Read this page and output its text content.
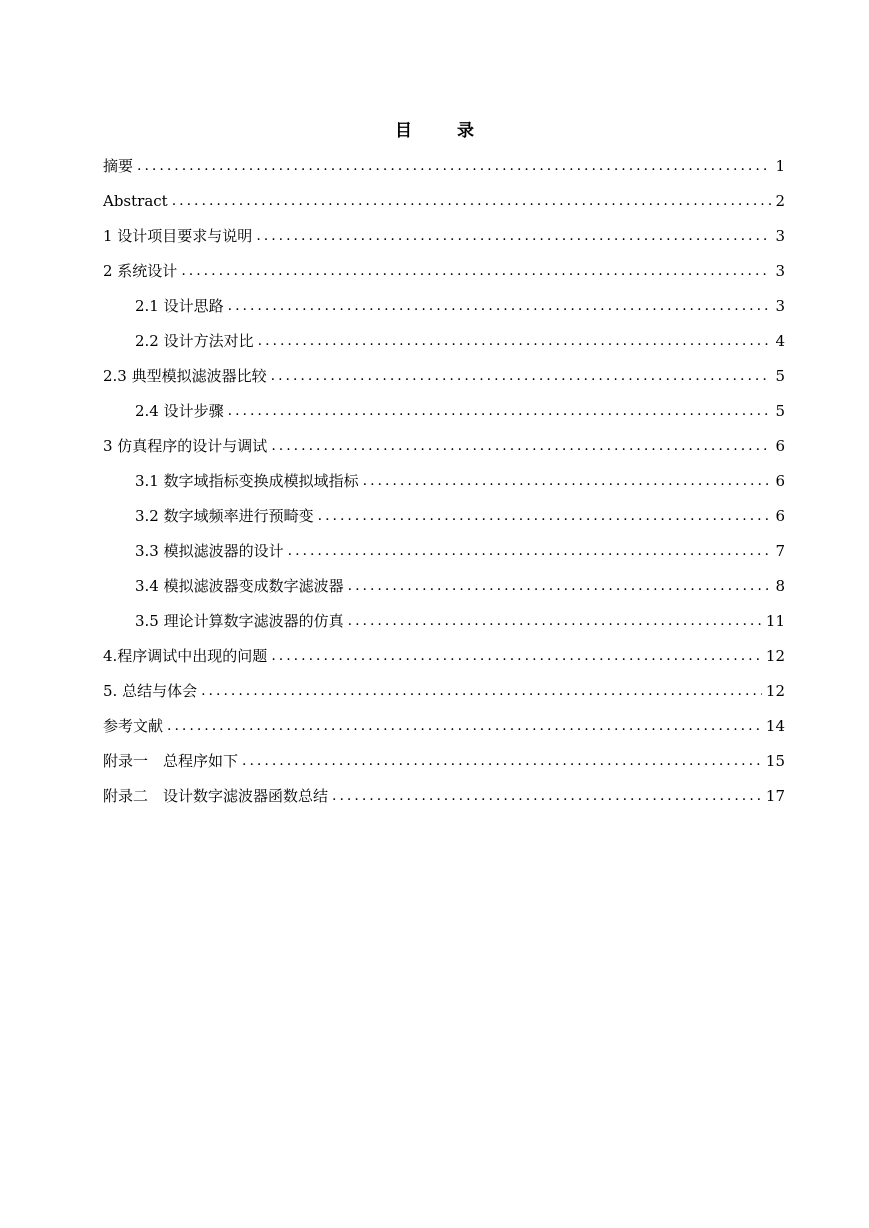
目　录
摘要 .....	1
Abstract .....	2
1 设计项目要求与说明 .....	3
2 系统设计 .....	3
2.1 设计思路 .....	3
2.2 设计方法对比 .....	4
2.3 典型模拟滤波器比较 .....	5
2.4 设计步骤 .....	5
3 仿真程序的设计与调试 .....	6
3.1 数字域指标变换成模拟域指标 .....	6
3.2 数字域频率进行预畸变 .....	6
3.3 模拟滤波器的设计 .....	7
3.4 模拟滤波器变成数字滤波器 .....	8
3.5 理论计算数字滤波器的仿真 .....	11
4.程序调试中出现的问题 .....	12
5. 总结与体会 .....	12
参考文献 .....	14
附录一　总程序如下 .....	15
附录二　设计数字滤波器函数总结 .....	17
